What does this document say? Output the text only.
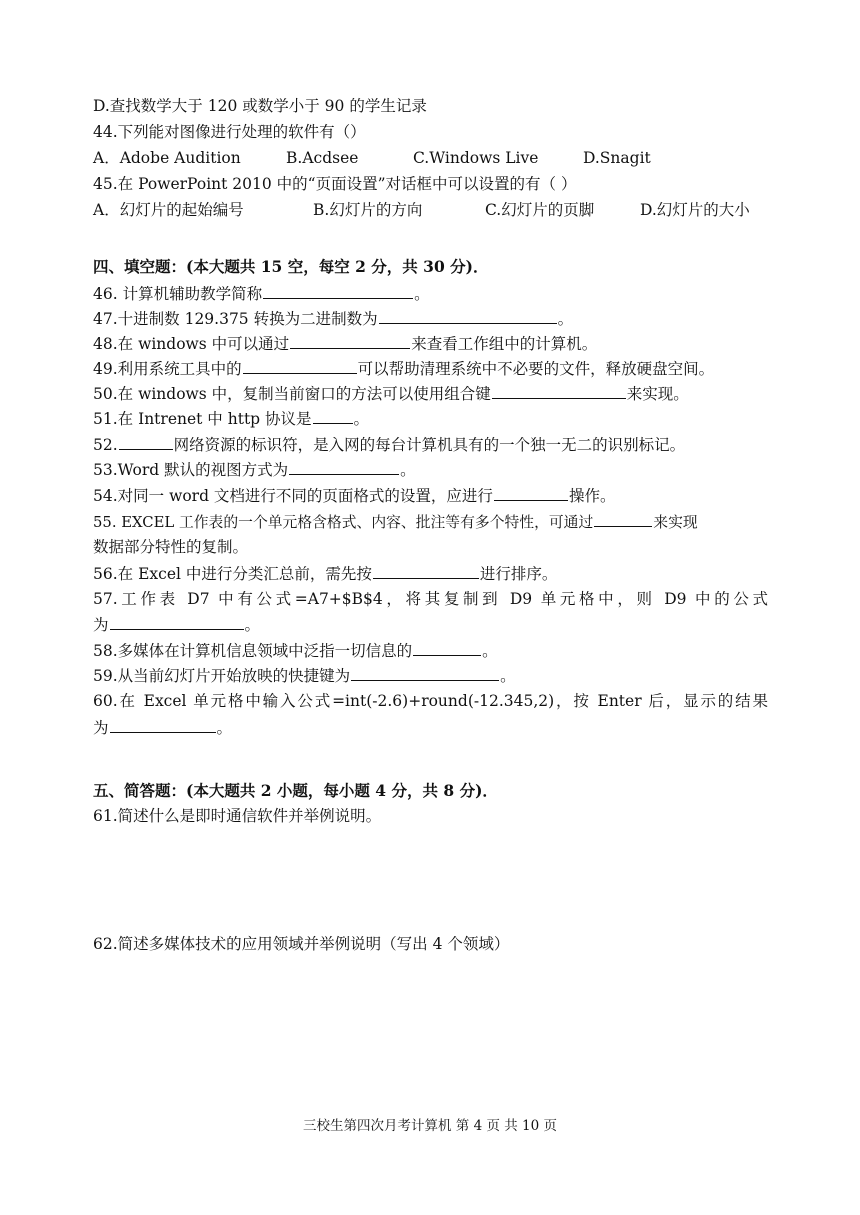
D.查找数学大于 120 或数学小于 90 的学生记录
44.下列能对图像进行处理的软件有（）
A．Adobe Audition	B.Acdsee	C.Windows Live	D.Snagit
45.在 PowerPoint 2010 中的“页面设置”对话框中可以设置的有（ ）
A．幻灯片的起始编号	B.幻灯片的方向	C.幻灯片的页脚	D.幻灯片的大小
四、填空题：(本大题共 15 空，每空 2 分，共 30 分)．
46. 计算机辅助教学简称	。
47.十进制数 129.375 转换为二进制数为	。
48.在 windows 中可以通过	来查看工作组中的计算机。
49.利用系统工具中的	可以帮助清理系统中不必要的文件，释放硬盘空间。
50.在 windows 中，复制当前窗口的方法可以使用组合键	来实现。
51.在 Intrenet 中 http 协议是	。
52.	网络资源的标识符，是入网的每台计算机具有的一个独一无二的识别标记。
53.Word 默认的视图方式为	。
54.对同一 word 文档进行不同的页面格式的设置，应进行	操作。
55. EXCEL 工作表的一个单元格含格式、内容、批注等有多个特性，可通过	来实现
数据部分特性的复制。
56.在 Excel 中进行分类汇总前，需先按	进行排序。
57.工作表 D7 中有公式=A7+$B$4，将其复制到 D9 单元格中，则 D9 中的公式
为	。
58.多媒体在计算机信息领域中泛指一切信息的	。
59.从当前幻灯片开始放映的快捷键为	。
60.在 Excel 单元格中输入公式=int(-2.6)+round(-12.345,2)，按 Enter 后，显示的结果
为	。
五、简答题：(本大题共 2 小题，每小题 4 分，共 8 分)．
61.简述什么是即时通信软件并举例说明。
62.简述多媒体技术的应用领域并举例说明（写出 4 个领域）
三校生第四次月考计算机 第 4 页 共 10 页
